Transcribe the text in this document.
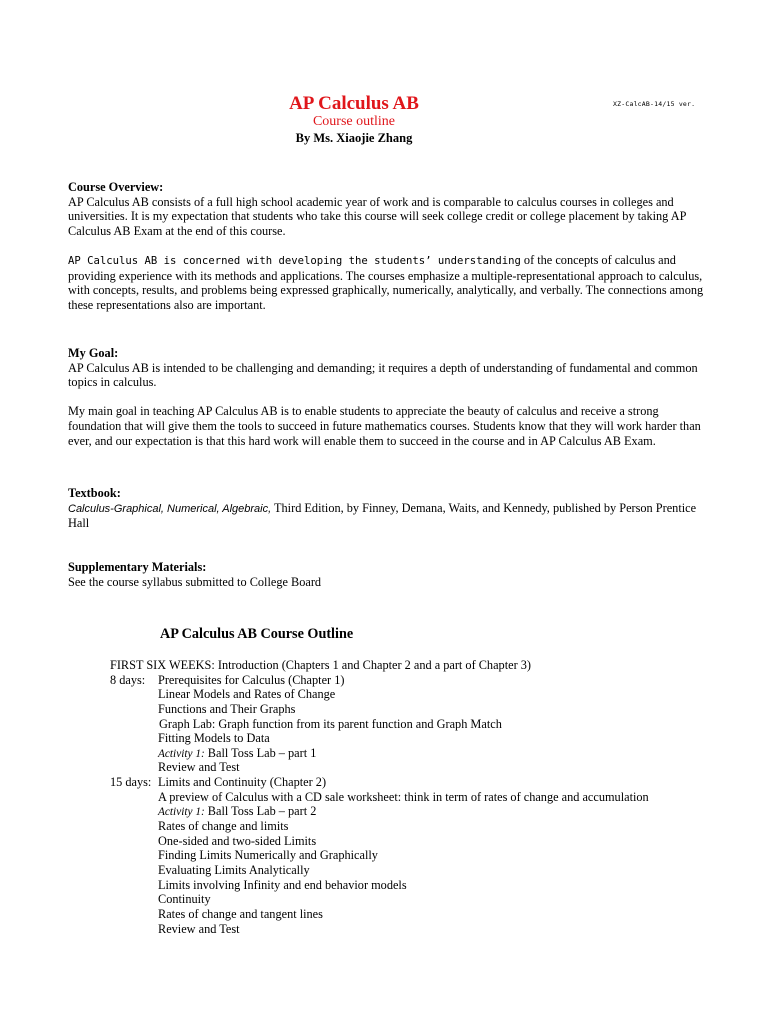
AP Calculus AB	XZ-CalcAB-14/15 ver.
Course outline
By Ms. Xiaojie Zhang
Course Overview:

AP Calculus AB consists of a full high school academic year of work and is comparable to calculus courses in colleges and universities. It is my expectation that students who take this course will seek college credit or college placement by taking AP Calculus AB Exam at the end of this course.

AP Calculus AB is concerned with developing the students’ understanding of the concepts of calculus and providing experience with its methods and applications. The courses emphasize a multiple-representational approach to calculus, with concepts, results, and problems being expressed graphically, numerically, analytically, and verbally. The connections among these representations also are important.

My Goal:

AP Calculus AB is intended to be challenging and demanding; it requires a depth of understanding of fundamental and common topics in calculus.

My main goal in teaching AP Calculus AB is to enable students to appreciate the beauty of calculus and receive a strong foundation that will give them the tools to succeed in future mathematics courses. Students know that they will work harder than ever, and our expectation is that this hard work will enable them to succeed in the course and in AP Calculus AB Exam.

Textbook:

Calculus-Graphical, Numerical, Algebraic, Third Edition, by Finney, Demana, Waits, and Kennedy, published by Person Prentice Hall

Supplementary Materials:

See the course syllabus submitted to College Board

AP Calculus AB Course Outline
FIRST SIX WEEKS: Introduction (Chapters 1 and Chapter 2 and a part of Chapter 3)
8 days: Prerequisites for Calculus (Chapter 1)
Linear Models and Rates of Change
Functions and Their Graphs
Graph Lab: Graph function from its parent function and Graph Match
Fitting Models to Data
Activity 1: Ball Toss Lab – part 1
Review and Test
15 days: Limits and Continuity (Chapter 2)
A preview of Calculus with a CD sale worksheet: think in term of rates of change and accumulation
Activity 1: Ball Toss Lab – part 2
Rates of change and limits
One-sided and two-sided Limits
Finding Limits Numerically and Graphically
Evaluating Limits Analytically
Limits involving Infinity and end behavior models
Continuity
Rates of change and tangent lines
Review and Test
